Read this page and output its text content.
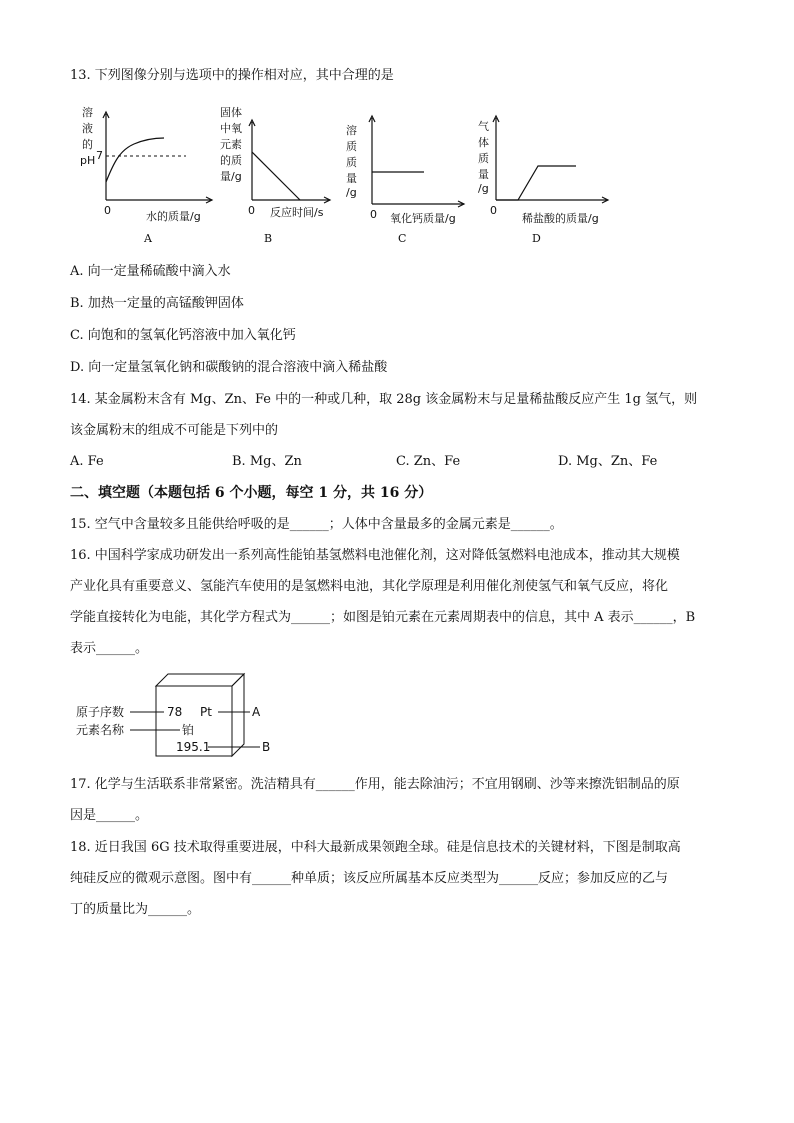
13. 下列图像分别与选项中的操作相对应，其中合理的是
溶
液
的
pH 7
0	水的质量/g
A
固体
中氧
元素
的质
量/g
0 反应时间/s
B
溶
质
质
量
/g
0 氧化钙质量/g
C
气
体
质
量
/g
0
稀盐酸的质量/g
D
A. 向一定量稀硫酸中滴入水
B. 加热一定量的高锰酸钾固体
C. 向饱和的氢氧化钙溶液中加入氧化钙
D. 向一定量氢氧化钠和碳酸钠的混合溶液中滴入稀盐酸
14. 某金属粉末含有 Mg、Zn、Fe 中的一种或几种，取 28g 该金属粉末与足量稀盐酸反应产生 1g 氢气，则
该金属粉末的组成不可能是下列中的
A. Fe	B. Mg、Zn	C. Zn、Fe	D. Mg、Zn、Fe
二、填空题（本题包括 6 个小题，每空 1 分，共 16 分）
15. 空气中含量较多且能供给呼吸的是______；人体中含量最多的金属元素是______。
16. 中国科学家成功研发出一系列高性能铂基氢燃料电池催化剂，这对降低氢燃料电池成本，推动其大规模
产业化具有重要意义、氢能汽车使用的是氢燃料电池，其化学原理是利用催化剂使氢气和氧气反应，将化
学能直接转化为电能，其化学方程式为______；如图是铂元素在元素周期表中的信息，其中 A 表示______，B
表示______。
原子序数
元素名称
78 Pt
铂
195.1
A
B
17. 化学与生活联系非常紧密。洗洁精具有______作用，能去除油污；不宜用钢刷、沙等来擦洗铝制品的原
因是______。
18. 近日我国 6G 技术取得重要进展，中科大最新成果领跑全球。硅是信息技术的关键材料，下图是制取高
纯硅反应的微观示意图。图中有______种单质；该反应所属基本反应类型为______反应；参加反应的乙与
丁的质量比为______。
